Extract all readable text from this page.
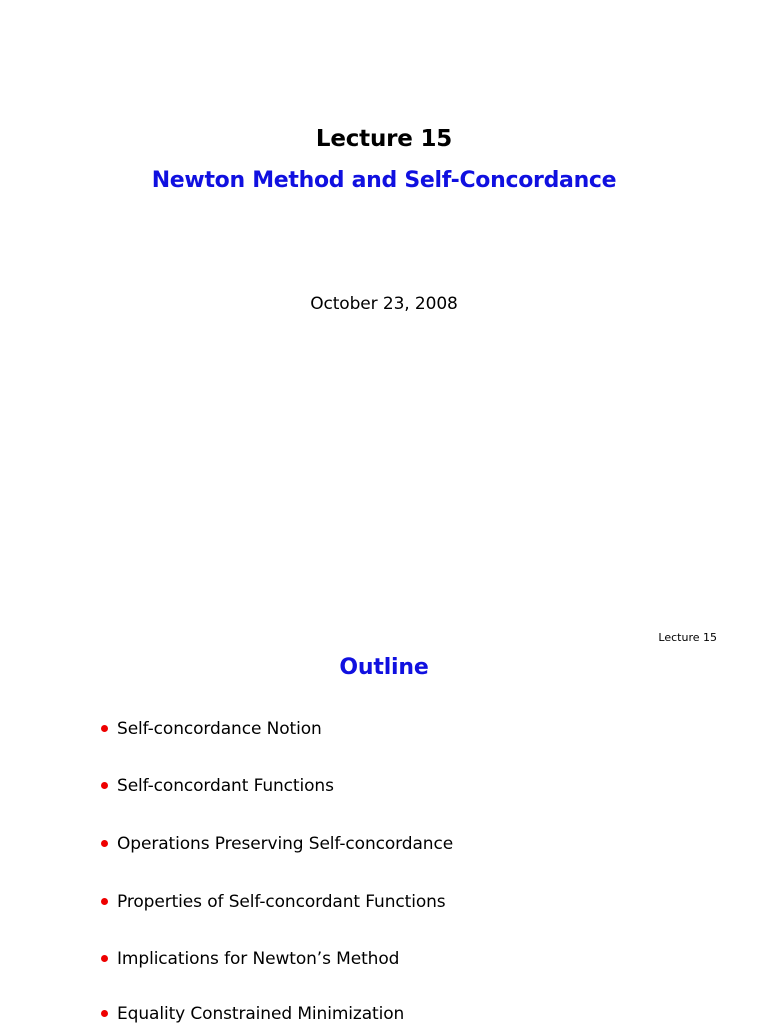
Lecture 15
Newton Method and Self-Concordance
October 23, 2008
Lecture 15
Outline
Self-concordance Notion
Self-concordant Functions
Operations Preserving Self-concordance
Properties of Self-concordant Functions
Implications for Newton’s Method
Equality Constrained Minimization
